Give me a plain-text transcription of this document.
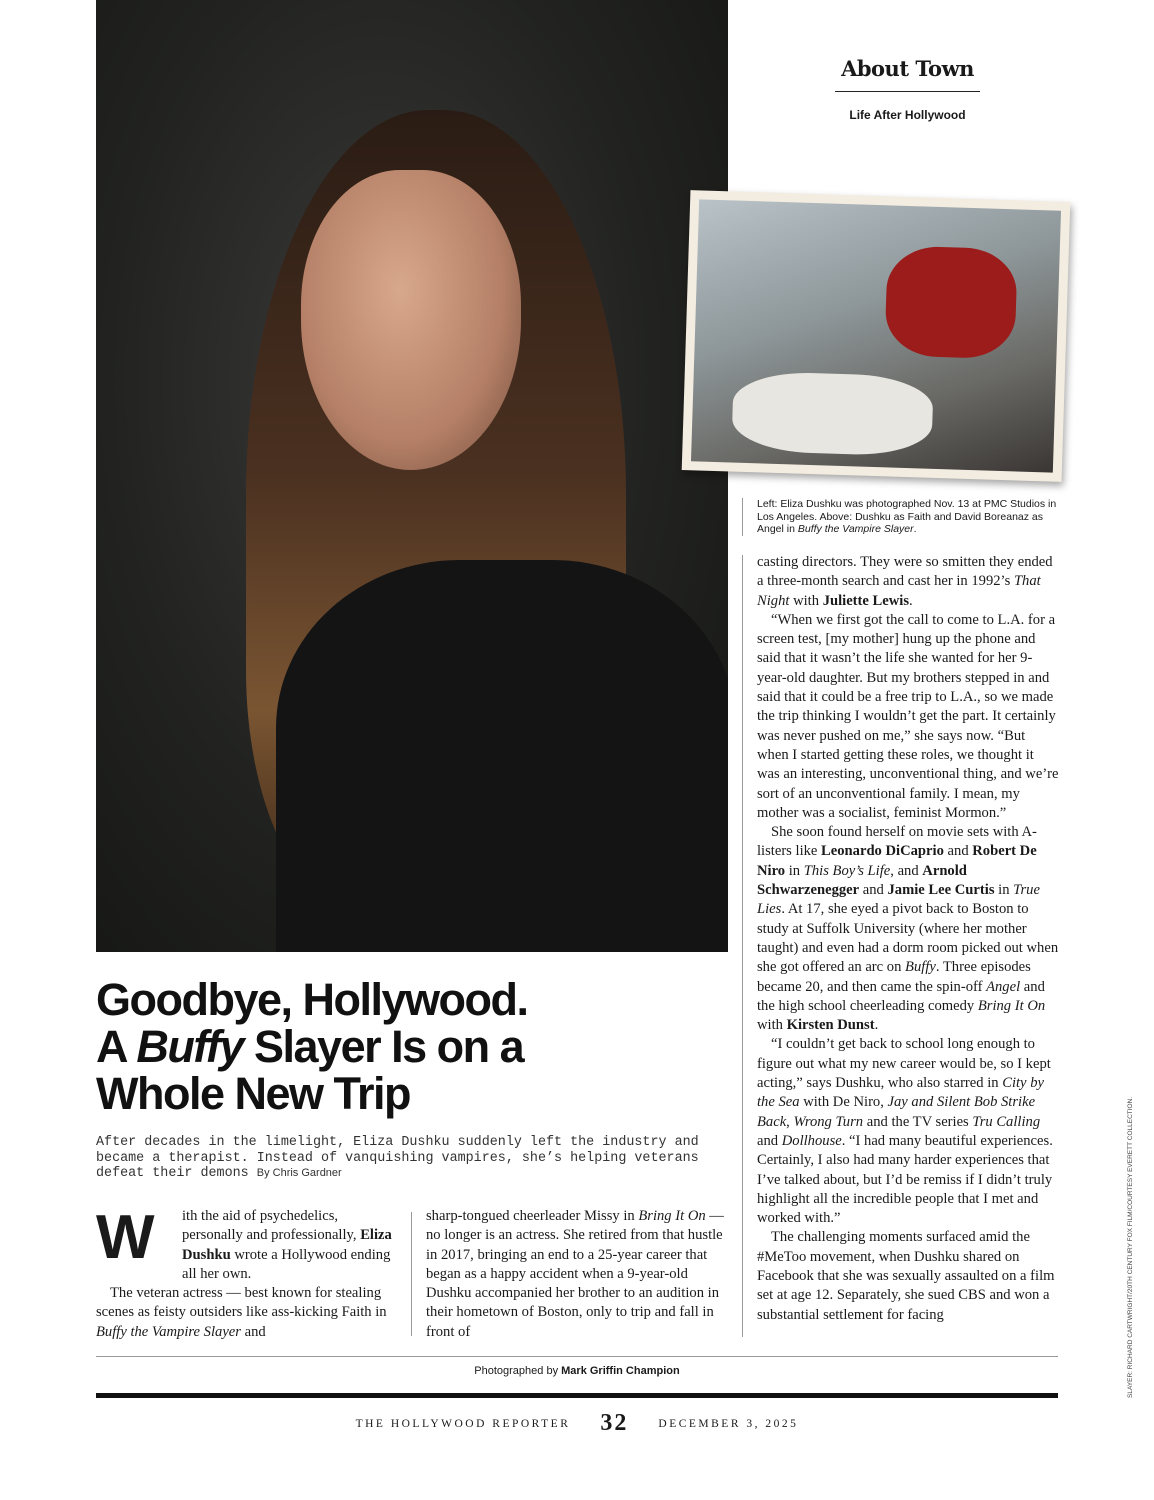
About Town

Life After Hollywood

Left: Eliza Dushku was photographed Nov. 13 at PMC Studios in Los Angeles. Above: Dushku as Faith and David Boreanaz as Angel in Buffy the Vampire Slayer.
Goodbye, Hollywood.
A Buffy Slayer Is on a
Whole New Trip
After decades in the limelight, Eliza Dushku suddenly left the industry and became a therapist. Instead of vanquishing vampires, she’s helping veterans defeat their demons By Chris Gardner
W	ith the aid of psychedelics, personally and professionally, Eliza Dushku wrote a Hollywood ending all her own.

The veteran actress — best known for stealing scenes as feisty outsiders like ass-kicking Faith in Buffy the Vampire Slayer and

sharp-tongued cheerleader Missy in Bring It On — no longer is an actress. She retired from that hustle in 2017, bringing an end to a 25-year career that began as a happy accident when a 9-year-old Dushku accompanied her brother to an audition in their hometown of Boston, only to trip and fall in front of

casting directors. They were so smitten they ended a three-month search and cast her in 1992’s That Night with Juliette Lewis.

“When we first got the call to come to L.A. for a screen test, [my mother] hung up the phone and said that it wasn’t the life she wanted for her 9-year-old daughter. But my brothers stepped in and said that it could be a free trip to L.A., so we made the trip thinking I wouldn’t get the part. It certainly was never pushed on me,” she says now. “But when I started getting these roles, we thought it was an interesting, unconventional thing, and we’re sort of an unconventional family. I mean, my mother was a socialist, feminist Mormon.”

She soon found herself on movie sets with A-listers like Leonardo DiCaprio and Robert De Niro in This Boy’s Life, and Arnold Schwarzenegger and Jamie Lee Curtis in True Lies. At 17, she eyed a pivot back to Boston to study at Suffolk University (where her mother taught) and even had a dorm room picked out when she got offered an arc on Buffy. Three episodes became 20, and then came the spin-off Angel and the high school cheerleading comedy Bring It On with Kirsten Dunst.

“I couldn’t get back to school long enough to figure out what my new career would be, so I kept acting,” says Dushku, who also starred in City by the Sea with De Niro, Jay and Silent Bob Strike Back, Wrong Turn and the TV series Tru Calling and Dollhouse. “I had many beautiful experiences. Certainly, I also had many harder experiences that I’ve talked about, but I’d be remiss if I didn’t truly highlight all the incredible people that I met and worked with.”

The challenging moments surfaced amid the #MeToo movement, when Dushku shared on Facebook that she was sexually assaulted on a film set at age 12. Separately, she sued CBS and won a substantial settlement for facing

Photographed by Mark Griffin Champion
THE HOLLYWOOD REPORTER 32	DECEMBER 3, 2025
SLAYER: RICHARD CARTWRIGHT/20TH CENTURY FOX FILM/COURTESY EVERETT COLLECTION.
